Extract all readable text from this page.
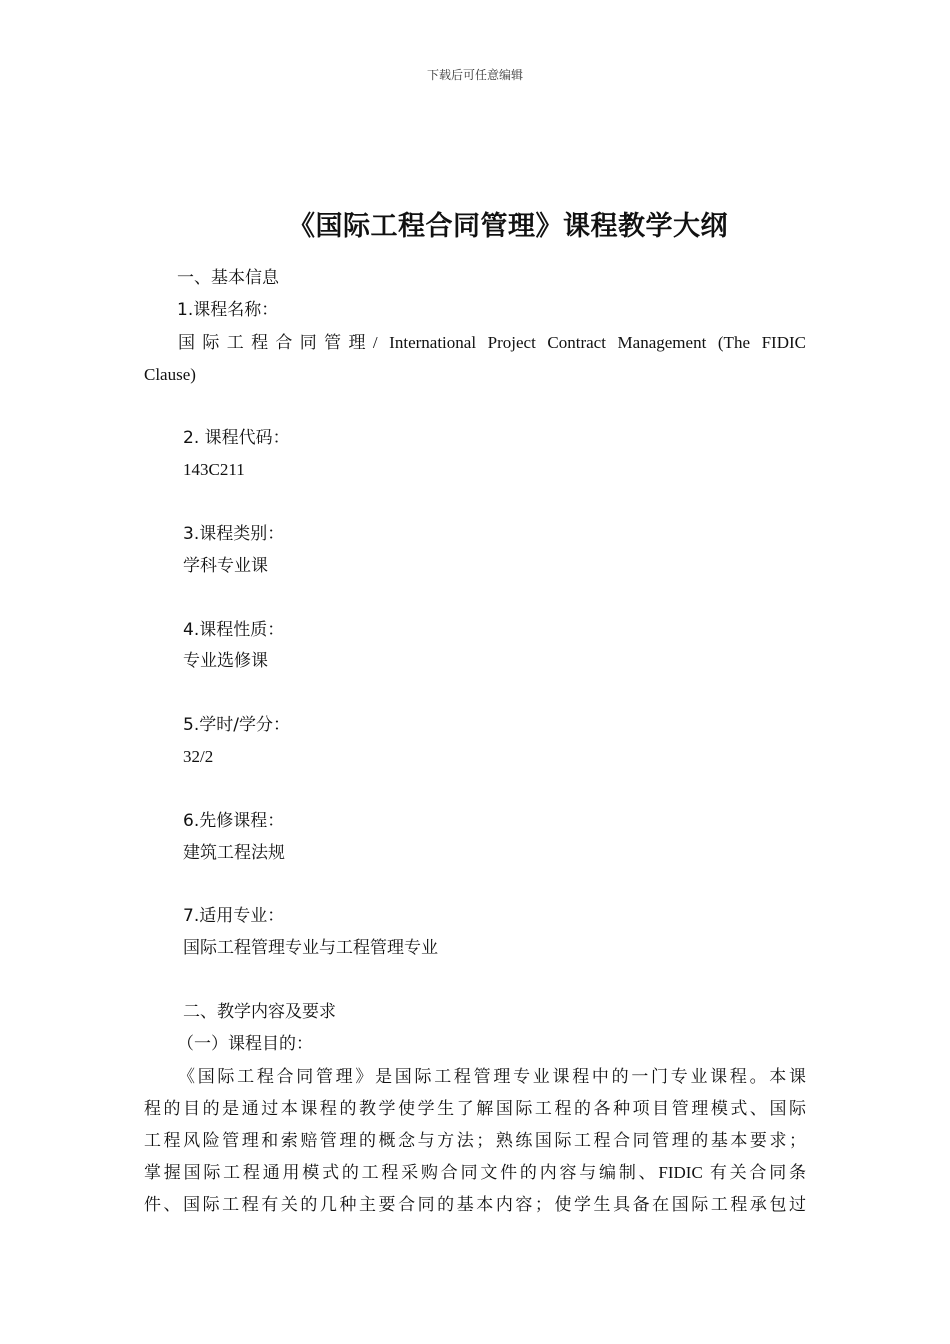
下载后可任意编辑
《国际工程合同管理》课程教学大纲
一、基本信息
1.课程名称：

国际工程合同管理/ International Project Contract Management (The FIDIC
Clause)

2. 课程代码：
143C211
3.课程类别：
学科专业课
4.课程性质：
专业选修课
5.学时/学分：
32/2
6.先修课程：
建筑工程法规
7.适用专业：
国际工程管理专业与工程管理专业
二、教学内容及要求
（一）课程目的：

《国际工程合同管理》是国际工程管理专业课程中的一门专业课程。本课
程的目的是通过本课程的教学使学生了解国际工程的各种项目管理模式、国际
工程风险管理和索赔管理的概念与方法；熟练国际工程合同管理的基本要求；
掌握国际工程通用模式的工程采购合同文件的内容与编制、FIDIC 有关合同条
件、国际工程有关的几种主要合同的基本内容；使学生具备在国际工程承包过
